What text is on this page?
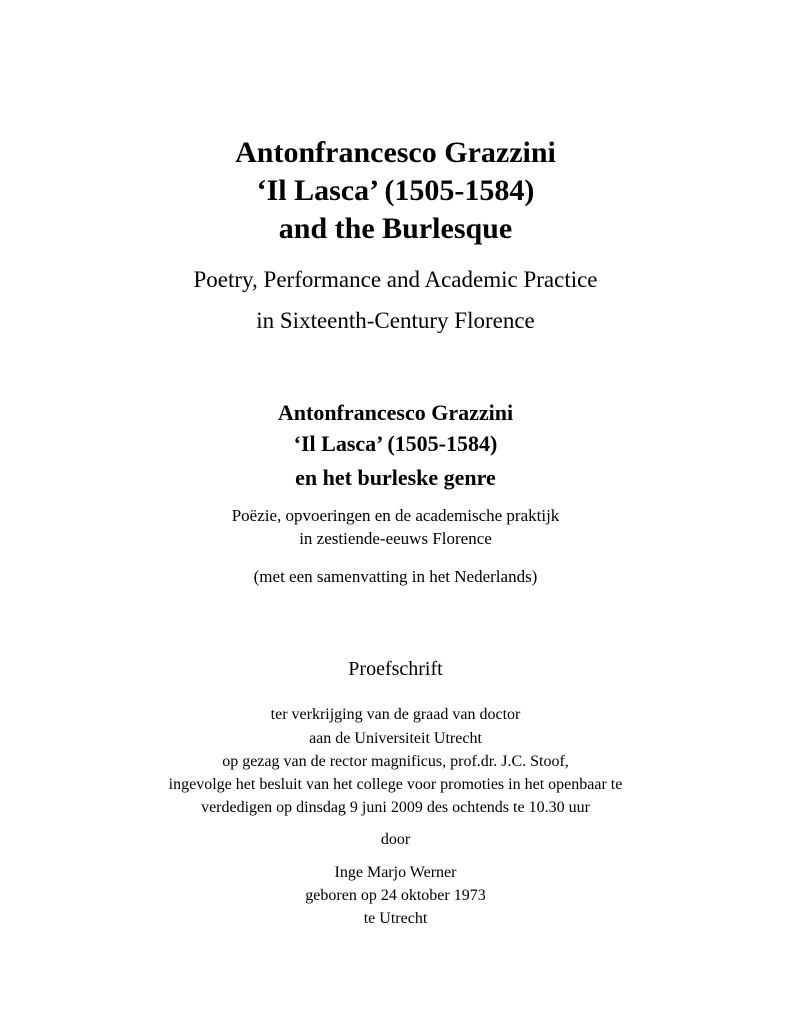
Antonfrancesco Grazzini
‘Il Lasca’ (1505-1584)
and the Burlesque
Poetry, Performance and Academic Practice
in Sixteenth-Century Florence
Antonfrancesco Grazzini
‘Il Lasca’ (1505-1584)
en het burleske genre
Poëzie, opvoeringen en de academische praktijk
in zestiende-eeuws Florence
(met een samenvatting in het Nederlands)
Proefschrift
ter verkrijging van de graad van doctor
aan de Universiteit Utrecht
op gezag van de rector magnificus, prof.dr. J.C. Stoof,
ingevolge het besluit van het college voor promoties in het openbaar te
verdedigen op dinsdag 9 juni 2009 des ochtends te 10.30 uur
door
Inge Marjo Werner
geboren op 24 oktober 1973
te Utrecht
